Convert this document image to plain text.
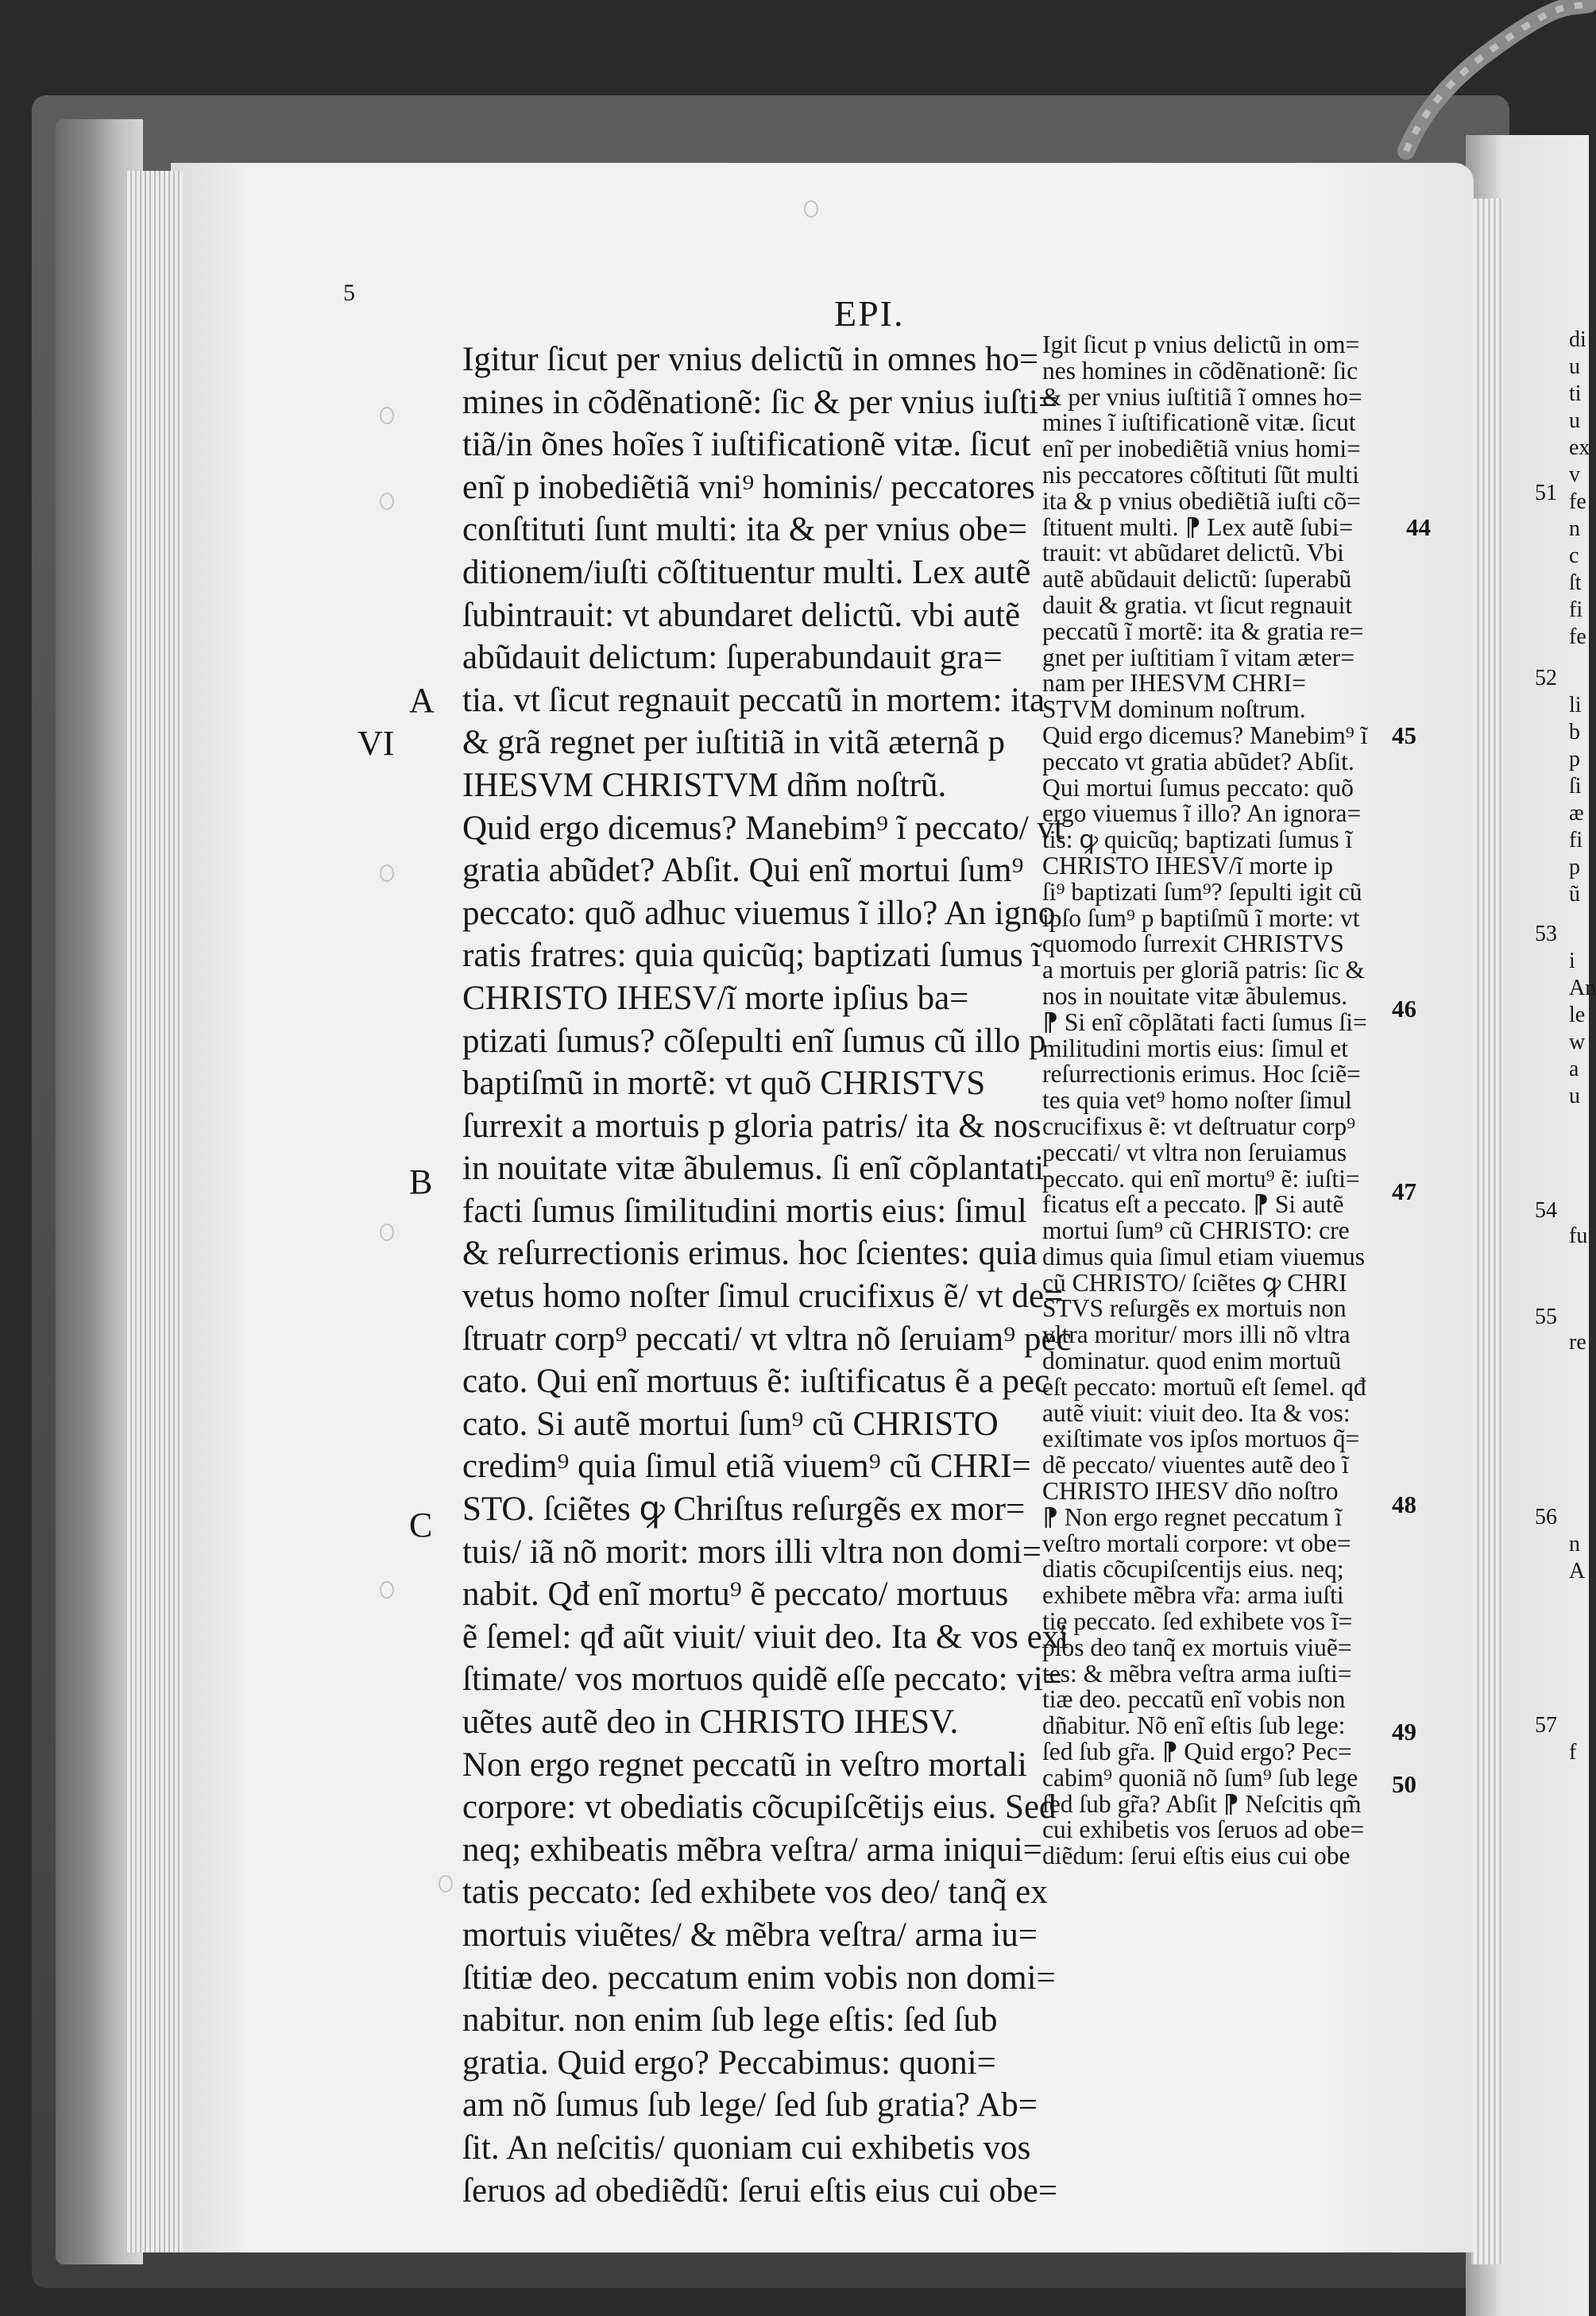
5
EPI.
Igitur ſicut per vnius delictũ in omnes ho=
mines in cõdẽnationẽ: ſic & per vnius iuſti=
tiã/in õnes hoĩes ĩ iuſtificationẽ vitæ. ſicut
enĩ p inobediẽtiã vni⁹ hominis/ peccatores
conſtituti ſunt multi: ita & per vnius obe=
ditionem/iuſti cõſtituentur multi. Lex autẽ
ſubintrauit: vt abundaret delictũ. vbi autẽ
abũdauit delictum: ſuperabundauit gra=
tia. vt ſicut regnauit peccatũ in mortem: ita
& grã regnet per iuſtitiã in vitã æternã p
IHESVM CHRISTVM dñm noſtrũ.
Quid ergo dicemus? Manebim⁹ ĩ peccato/ vt
gratia abũdet? Abſit. Qui enĩ mortui ſum⁹
peccato: quõ adhuc viuemus ĩ illo? An igno
ratis fratres: quia quicũq; baptizati ſumus ĩ
CHRISTO IHESV/ĩ morte ipſius ba=
ptizati ſumus? cõſepulti enĩ ſumus cũ illo p
baptiſmũ in mortẽ: vt quõ CHRISTVS
ſurrexit a mortuis p gloria patris/ ita & nos
in nouitate vitæ ãbulemus. ſi enĩ cõplantati
facti ſumus ſimilitudini mortis eius: ſimul
& reſurrectionis erimus. hoc ſcientes: quia
vetus homo noſter ſimul crucifixus ẽ/ vt de=
ſtruatr corp⁹ peccati/ vt vltra nõ ſeruiam⁹ pec
cato. Qui enĩ mortuus ẽ: iuſtificatus ẽ a pec
cato. Si autẽ mortui ſum⁹ cũ CHRISTO
credim⁹ quia ſimul etiã viuem⁹ cũ CHRI=
STO. ſciẽtes ꝙ Chriſtus reſurgẽs ex mor=
tuis/ iã nõ morit: mors illi vltra non domi=
nabit. Qđ enĩ mortu⁹ ẽ peccato/ mortuus
ẽ ſemel: qđ aũt viuit/ viuit deo. Ita & vos exi
ſtimate/ vos mortuos quidẽ eſſe peccato: vi=
uẽtes autẽ deo in CHRISTO IHESV.
Non ergo regnet peccatũ in veſtro mortali
corpore: vt obediatis cõcupiſcẽtijs eius. Sed
neq; exhibeatis mẽbra veſtra/ arma iniqui=
tatis peccato: ſed exhibete vos deo/ tanq̃ ex
mortuis viuẽtes/ & mẽbra veſtra/ arma iu=
ſtitiæ deo. peccatum enim vobis non domi=
nabitur. non enim ſub lege eſtis: ſed ſub
gratia. Quid ergo? Peccabimus: quoni=
am nõ ſumus ſub lege/ ſed ſub gratia? Ab=
ſit. An neſcitis/ quoniam cui exhibetis vos
ſeruos ad obediẽdũ: ſerui eſtis eius cui obe=
Igit ſicut p vnius delictũ in om=
nes homines in cõdẽnationẽ: ſic
& per vnius iuſtitiã ĩ omnes ho=
mines ĩ iuſtificationẽ vitæ. ſicut
enĩ per inobediẽtiã vnius homi=
nis peccatores cõſtituti ſũt multi
ita & p vnius obediẽtiã iuſti cõ=
ſtituent multi. ⁋ Lex autẽ ſubi=
trauit: vt abũdaret delictũ. Vbi
autẽ abũdauit delictũ: ſuperabũ
dauit & gratia. vt ſicut regnauit
peccatũ ĩ mortẽ: ita & gratia re=
gnet per iuſtitiam ĩ vitam æter=
nam per IHESVM CHRI=
STVM dominum noſtrum.
Quid ergo dicemus? Manebim⁹ ĩ
peccato vt gratia abũdet? Abſit.
Qui mortui ſumus peccato: quõ
ergo viuemus ĩ illo? An ignora=
tis: ꝙ quicũq; baptizati ſumus ĩ
CHRISTO IHESV/ĩ morte ip
ſi⁹ baptizati ſum⁹? ſepulti igit cũ
ipſo ſum⁹ p baptiſmũ ĩ morte: vt
quomodo ſurrexit CHRISTVS
a mortuis per gloriã patris: ſic &
nos in nouitate vitæ ãbulemus.
⁋ Si enĩ cõplãtati facti ſumus ſi=
militudini mortis eius: ſimul et
reſurrectionis erimus. Hoc ſciẽ=
tes quia vet⁹ homo noſter ſimul
crucifixus ẽ: vt deſtruatur corp⁹
peccati/ vt vltra non ſeruiamus
peccato. qui enĩ mortu⁹ ẽ: iuſti=
ficatus eſt a peccato. ⁋ Si autẽ
mortui ſum⁹ cũ CHRISTO: cre
dimus quia ſimul etiam viuemus
cũ CHRISTO/ ſciẽtes ꝙ CHRI
STVS reſurgẽs ex mortuis non
vltra moritur/ mors illi nõ vltra
dominatur. quod enim mortuũ
eſt peccato: mortuũ eſt ſemel. qđ
autẽ viuit: viuit deo. Ita & vos:
exiſtimate vos ipſos mortuos q̃=
dẽ peccato/ viuentes autẽ deo ĩ
CHRISTO IHESV dño noſtro
⁋ Non ergo regnet peccatum ĩ
veſtro mortali corpore: vt obe=
diatis cõcupiſcentijs eius. neq;
exhibete mẽbra vr̃a: arma iuſti
tię peccato. ſed exhibete vos ĩ=
pſos deo tanq̃ ex mortuis viuẽ=
tes: & mẽbra veſtra arma iuſti=
tiæ deo. peccatũ enĩ vobis non
dñabitur. Nõ enĩ eſtis ſub lege:
ſed ſub gr̃a. ⁋ Quid ergo? Pec=
cabim⁹ quoniã nõ ſum⁹ ſub lege
ſed ſub gr̃a? Abſit ⁋ Neſcitis qm̃
cui exhibetis vos ſeruos ad obe=
diẽdum: ſerui eſtis eius cui obe
A
B
C
VI
44
45
46
47
48
49
50
51
52
53
54
55
56
57
di
u
ti
u
ex
v
fe
n
c
ſt
fi
fe
li
b
p
ſi
æ
fi
p
ũ
i
An
le
w
a
u
fu
re
n
A
f
